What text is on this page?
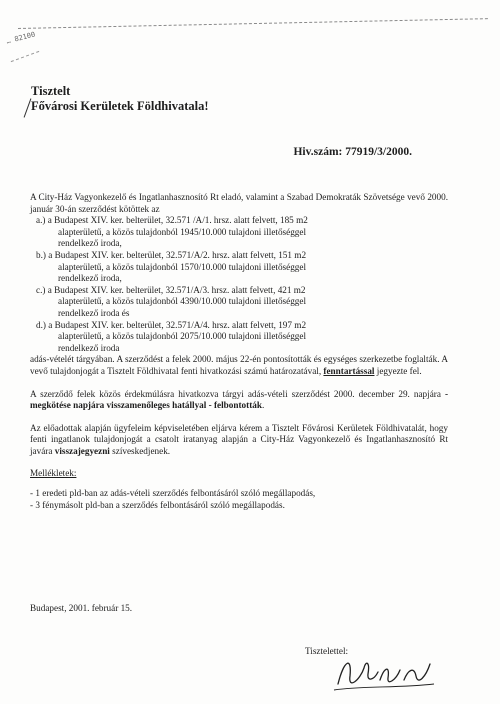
… 82100
Tisztelt
Fővárosi Kerületek Földhivatala!
Hiv.szám: 77919/3/2000.

A City-Ház Vagyonkezelő és Ingatlanhasznosító Rt eladó, valamint a Szabad Demokraták Szövetsége vevő 2000. január 30-án szerződést kötöttek az

a.) a Budapest XIV. ker. belterület, 32.571 /A/1. hrsz. alatt felvett, 185 m2
alapterületű, a közös tulajdonból 1945/10.000 tulajdoni illetőséggel
rendelkező iroda,
b.) a Budapest XIV. ker. belterület, 32.571/A/2. hrsz. alatt felvett, 151 m2
alapterületű, a közös tulajdonból 1570/10.000 tulajdoni illetőséggel
rendelkező iroda,
c.) a Budapest XIV. ker. belterület, 32.571/A/3. hrsz. alatt felvett, 421 m2
alapterületű, a közös tulajdonból 4390/10.000 tulajdoni illetőséggel
rendelkező iroda és
d.) a Budapest XIV. ker. belterület, 32.571/A/4. hrsz. alatt felvett, 197 m2
alapterületű, a közös tulajdonból 2075/10.000 tulajdoni illetőséggel
rendelkező iroda

adás-vételét tárgyában. A szerződést a felek 2000. május 22-én pontosították és egységes szerkezetbe foglalták. A vevő tulajdonjogát a Tisztelt Földhivatal fenti hivatkozási számú határozatával, fenntartással jegyezte fel.

A szerződő felek közös érdekmúlásra hivatkozva tárgyi adás-vételi szerződést 2000. december 29. napjára - megkötése napjára visszamenőleges hatállyal - felbontották.

Az előadottak alapján ügyfeleim képviseletében eljárva kérem a Tisztelt Fővárosi Kerületek Földhivatalát, hogy fenti ingatlanok tulajdonjogát a csatolt iratanyag alapján a City-Ház Vagyonkezelő és Ingatlanhasznosító Rt javára visszajegyezni szíveskedjenek.

Mellékletek:

- 1 eredeti pld-ban az adás-vételi szerződés felbontásáról szóló megállapodás,

- 3 fénymásolt pld-ban a szerződés felbontásáról szóló megállapodás.

Budapest, 2001. február 15.
Tisztelettel:
